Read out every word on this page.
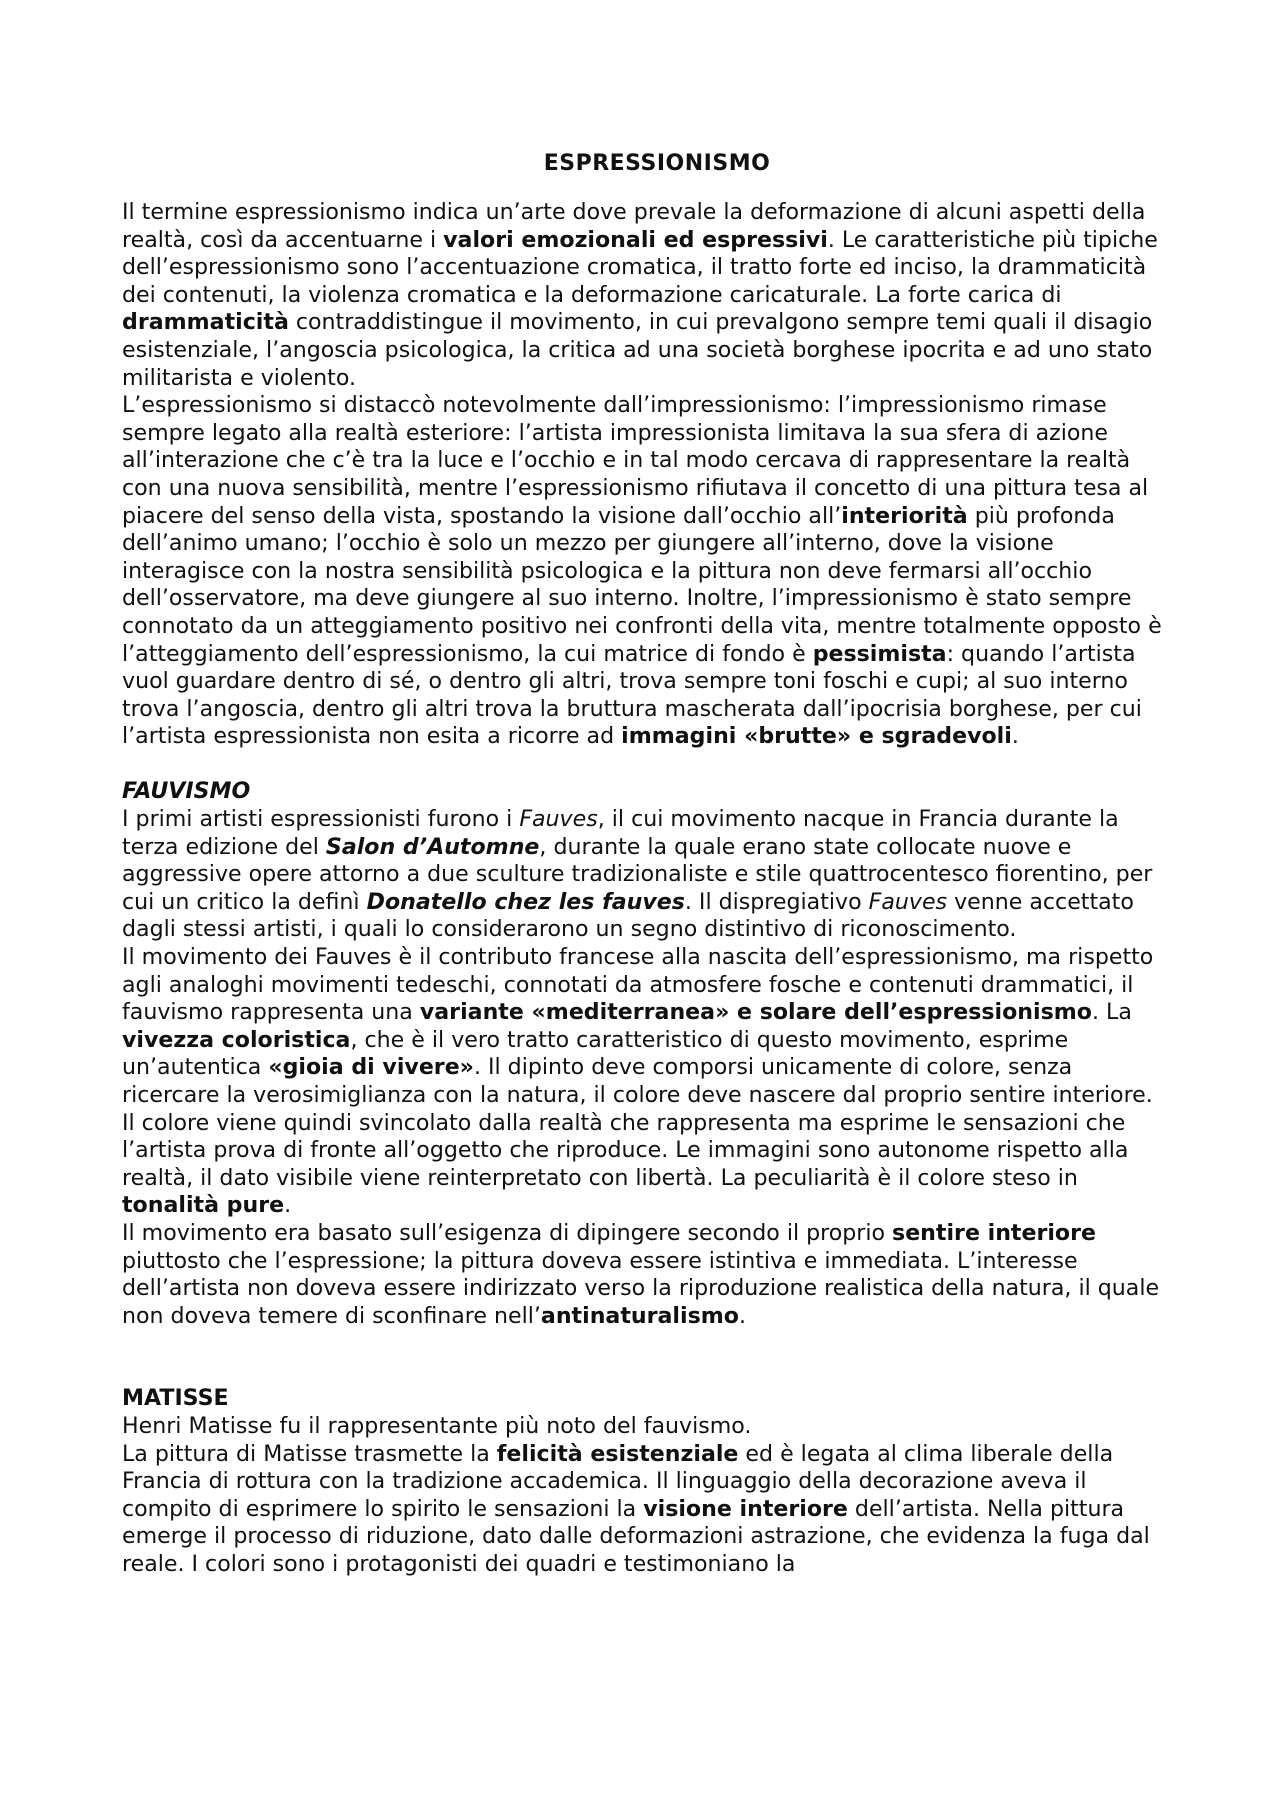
ESPRESSIONISMO

Il termine espressionismo indica un’arte dove prevale la deformazione di alcuni aspetti della realtà, così da accentuarne i valori emozionali ed espressivi. Le caratteristiche più tipiche dell’espressionismo sono l’accentuazione cromatica, il tratto forte ed inciso, la drammaticità dei contenuti, la violenza cromatica e la deformazione caricaturale. La forte carica di drammaticità contraddistingue il movimento, in cui prevalgono sempre temi quali il disagio esistenziale, l’angoscia psicologica, la critica ad una società borghese ipocrita e ad uno stato militarista e violento.

L’espressionismo si distaccò notevolmente dall’impressionismo: l’impressionismo rimase sempre legato alla realtà esteriore: l’artista impressionista limitava la sua sfera di azione all’interazione che c’è tra la luce e l’occhio e in tal modo cercava di rappresentare la realtà con una nuova sensibilità, mentre l’espressionismo rifiutava il concetto di una pittura tesa al piacere del senso della vista, spostando la visione dall’occhio all’interiorità più profonda dell’animo umano; l’occhio è solo un mezzo per giungere all’interno, dove la visione interagisce con la nostra sensibilità psicologica e la pittura non deve fermarsi all’occhio dell’osservatore, ma deve giungere al suo interno. Inoltre, l’impressionismo è stato sempre connotato da un atteggiamento positivo nei confronti della vita, mentre totalmente opposto è l’atteggiamento dell’espressionismo, la cui matrice di fondo è pessimista: quando l’artista vuol guardare dentro di sé, o dentro gli altri, trova sempre toni foschi e cupi; al suo interno trova l’angoscia, dentro gli altri trova la bruttura mascherata dall’ipocrisia borghese, per cui l’artista espressionista non esita a ricorre ad immagini «brutte» e sgradevoli.

FAUVISMO

I primi artisti espressionisti furono i Fauves, il cui movimento nacque in Francia durante la terza edizione del Salon d’Automne, durante la quale erano state collocate nuove e aggressive opere attorno a due sculture tradizionaliste e stile quattrocentesco fiorentino, per cui un critico la definì Donatello chez les fauves. Il dispregiativo Fauves venne accettato dagli stessi artisti, i quali lo considerarono un segno distintivo di riconoscimento.

Il movimento dei Fauves è il contributo francese alla nascita dell’espressionismo, ma rispetto agli analoghi movimenti tedeschi, connotati da atmosfere fosche e contenuti drammatici, il fauvismo rappresenta una variante «mediterranea» e solare dell’espressionismo. La vivezza coloristica, che è il vero tratto caratteristico di questo movimento, esprime un’autentica «gioia di vivere». Il dipinto deve comporsi unicamente di colore, senza ricercare la verosimiglianza con la natura, il colore deve nascere dal proprio sentire interiore. Il colore viene quindi svincolato dalla realtà che rappresenta ma esprime le sensazioni che l’artista prova di fronte all’oggetto che riproduce. Le immagini sono autonome rispetto alla realtà, il dato visibile viene reinterpretato con libertà. La peculiarità è il colore steso in tonalità pure.

Il movimento era basato sull’esigenza di dipingere secondo il proprio sentire interiore piuttosto che l’espressione; la pittura doveva essere istintiva e immediata. L’interesse dell’artista non doveva essere indirizzato verso la riproduzione realistica della natura, il quale non doveva temere di sconfinare nell’antinaturalismo.

MATISSE

Henri Matisse fu il rappresentante più noto del fauvismo.

La pittura di Matisse trasmette la felicità esistenziale ed è legata al clima liberale della Francia di rottura con la tradizione accademica. Il linguaggio della decorazione aveva il compito di esprimere lo spirito le sensazioni la visione interiore dell’artista. Nella pittura emerge il processo di riduzione, dato dalle deformazioni astrazione, che evidenza la fuga dal reale. I colori sono i protagonisti dei quadri e testimoniano la
